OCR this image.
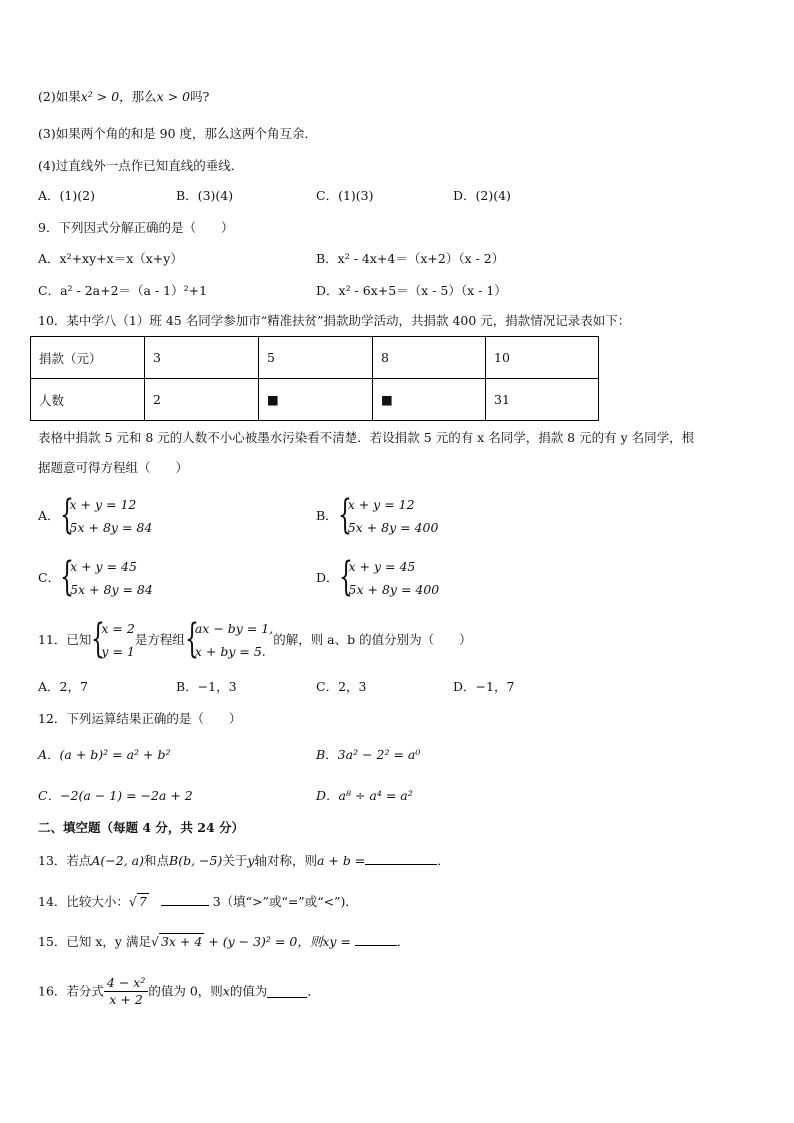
(2)如果x² > 0，那么x > 0吗?
(3)如果两个角的和是 90 度，那么这两个角互余．
(4)过直线外一点作已知直线的垂线．
A．(1)(2)	B．(3)(4)	C．(1)(3)	D．(2)(4)
9．下列因式分解正确的是（　　）
A．x²+xy+x＝x（x+y）	B．x² - 4x+4＝（x+2）（x - 2）
C．a² - 2a+2＝（a - 1）²+1	D．x² - 6x+5＝（x - 5）（x - 1）
10．某中学八（1）班 45 名同学参加市“精准扶贫”捐款助学活动，共捐款 400 元，捐款情况记录表如下：
捐款（元）	3	5	8	10
人数	2	■	■	31
表格中捐款 5 元和 8 元的人数不小心被墨水污染看不清楚．若设捐款 5 元的有 x 名同学，捐款 8 元的有 y 名同学，根
据题意可得方程组（　　）
A． {
x + y = 12
5x + 8y = 84
B． {
x + y = 12
5x + 8y = 400
C． {
x + y = 45
5x + 8y = 84
D． {
x + y = 45
5x + 8y = 400
11．已知 {
x = 2
y = 1
是方程组 {
ax − by = 1,
x + by = 5.
的解，则 a、b 的值分别为（　　）
A．2，7	B．−1，3	C．2，3	D．−1，7
12．下列运算结果正确的是（　　）
A．(a + b)² = a² + b²	B．3a² − 2² = a⁰
C．−2(a − 1) = −2a + 2	D．a⁸ ÷ a⁴ = a²
二、填空题（每题 4 分，共 24 分）
13．若点A(−2, a)和点B(b, −5)关于y轴对称，则a + b =	．
14．比较大小：√ 7	3（填“>”或“=”或“<”)．
15．已知 x，y 满足√ 3x + 4 + (y − 3)² = 0，则xy =	．
16．若分式 $\frac{\text{4 − x²}}{x + 2}$ 的值为 0，则x的值为	．
